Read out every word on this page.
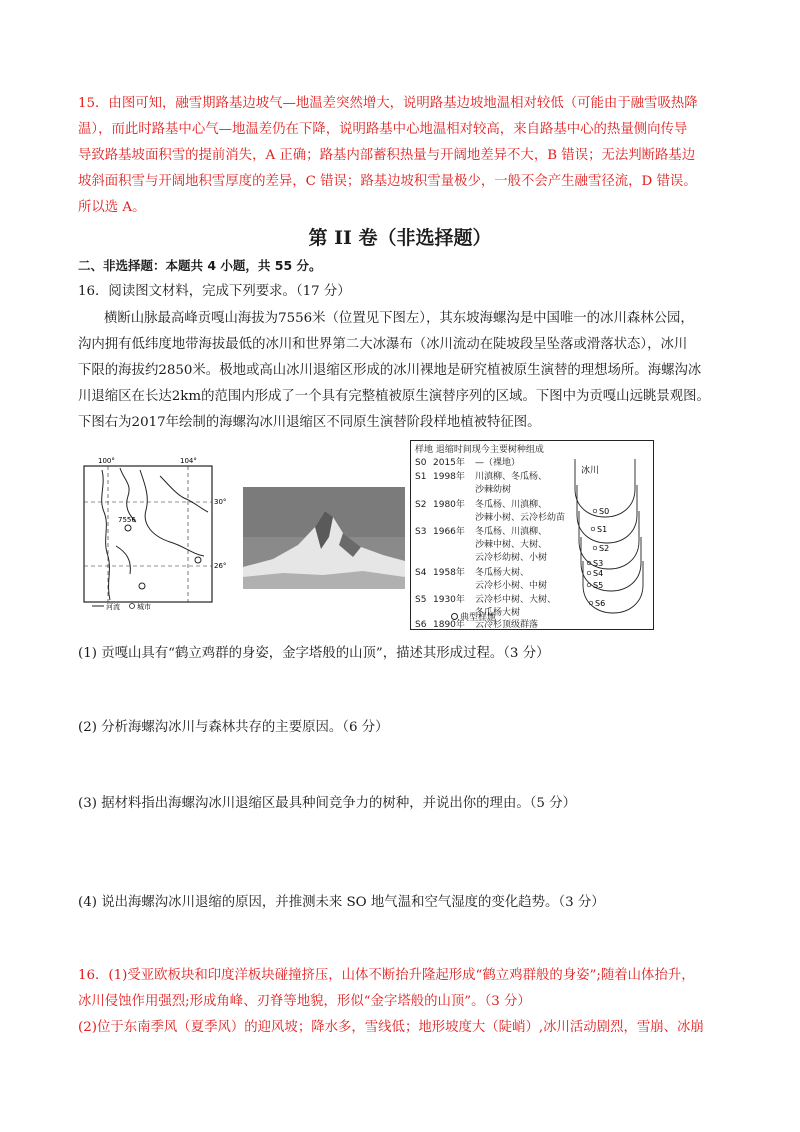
15．由图可知，融雪期路基边坡气—地温差突然增大，说明路基边坡地温相对较低（可能由于融雪吸热降
温），而此时路基中心气—地温差仍在下降，说明路基中心地温相对较高，来自路基中心的热量侧向传导
导致路基坡面积雪的提前消失，A 正确；路基内部蓄积热量与开阔地差异不大，B 错误；无法判断路基边
坡斜面积雪与开阔地积雪厚度的差异，C 错误；路基边坡积雪量极少，一般不会产生融雪径流，D 错误。
所以选 A。
第 II 卷（非选择题）
二、非选择题：本题共 4 小题，共 55 分。
16．阅读图文材料，完成下列要求。（17 分）
横断山脉最高峰贡嘎山海拔为7556米（位置见下图左），其东坡海螺沟是中国唯一的冰川森林公园，
沟内拥有低纬度地带海拔最低的冰川和世界第二大冰瀑布（冰川流动在陡坡段呈坠落或滑落状态），冰川
下限的海拔约2850米。极地或高山冰川退缩区形成的冰川裸地是研究植被原生演替的理想场所。海螺沟冰
川退缩区在长达2km的范围内形成了一个具有完整植被原生演替序列的区域。下图中为贡嘎山远眺景观图。
下图右为2017年绘制的海螺沟冰川退缩区不同原生演替阶段样地植被特征图。
100°	104°
30°
26°
7556
河流 城市
样地 退缩时间现今主要树种组成
S0 2015年 —（裸地）
S1 1998年 川滇柳、冬瓜杨、
沙棘幼树
S2 1980年 冬瓜杨、川滇柳、
沙棘小树、云冷杉幼苗
S3 1966年 冬瓜杨、川滇柳、
沙棘中树、大树、
云冷杉幼树、小树
S4 1958年 冬瓜杨大树、
云冷杉小树、中树
S5 1930年 云冷杉中树、大树、
冬瓜杨大树
S6 1890年 云冷杉顶级群落
冰川
S0
S1
S2
S3
S4
S5
S6
典型样地
(1) 贡嘎山具有“鹤立鸡群的身姿，金字塔般的山顶”，描述其形成过程。（3 分）
(2) 分析海螺沟冰川与森林共存的主要原因。（6 分）
(3) 据材料指出海螺沟冰川退缩区最具种间竞争力的树种，并说出你的理由。（5 分）
(4) 说出海螺沟冰川退缩的原因，并推测未来 SO 地气温和空气湿度的变化趋势。（3 分）
16．(1)受亚欧板块和印度洋板块碰撞挤压，山体不断抬升隆起形成“鹤立鸡群般的身姿”;随着山体抬升，
冰川侵蚀作用强烈;形成角峰、刃脊等地貌，形似“金字塔般的山顶”。（3 分）
(2)位于东南季风（夏季风）的迎风坡；降水多，雪线低；地形坡度大（陡峭）,冰川活动剧烈，雪崩、冰崩
